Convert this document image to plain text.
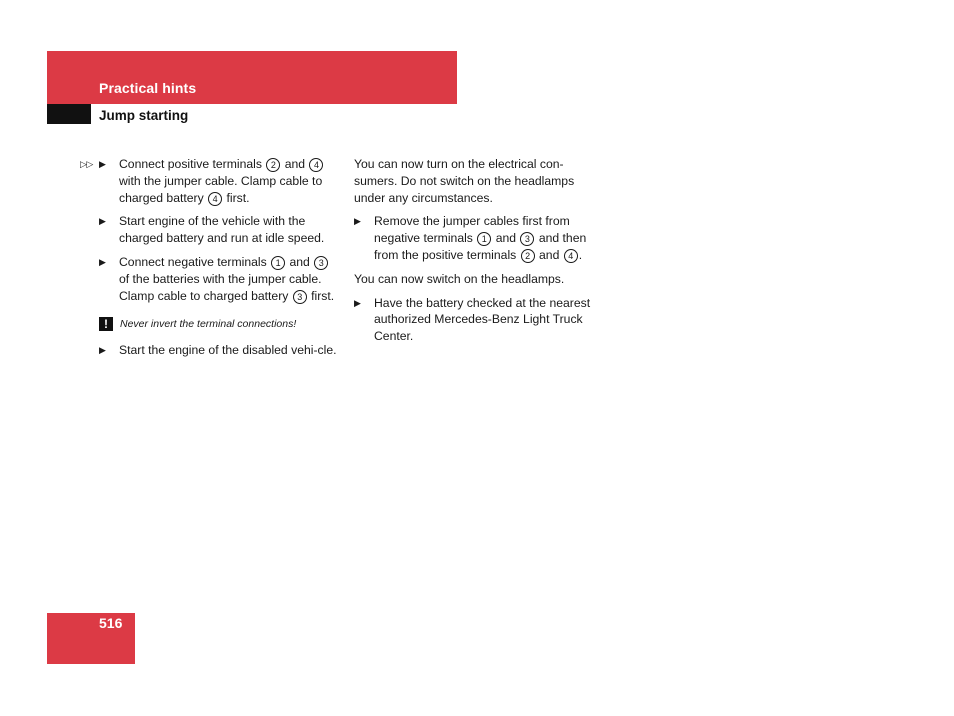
Practical hints
Jump starting
▷▷ ▶ Connect positive terminals 2 and 4 with the jumper cable. Clamp cable to charged battery 4 first.
▶ Start engine of the vehicle with the charged battery and run at idle speed.
▶ Connect negative terminals 1 and 3 of the batteries with the jumper cable. Clamp cable to charged battery 3 first.
!	Never invert the terminal connections!
▶ Start the engine of the disabled vehi-cle.
You can now turn on the electrical con-sumers. Do not switch on the headlamps under any circumstances.
▶ Remove the jumper cables first from negative terminals 1 and 3 and then from the positive terminals 2 and 4 .
You can now switch on the headlamps.
▶ Have the battery checked at the nearest authorized Mercedes-Benz Light Truck Center.
516
